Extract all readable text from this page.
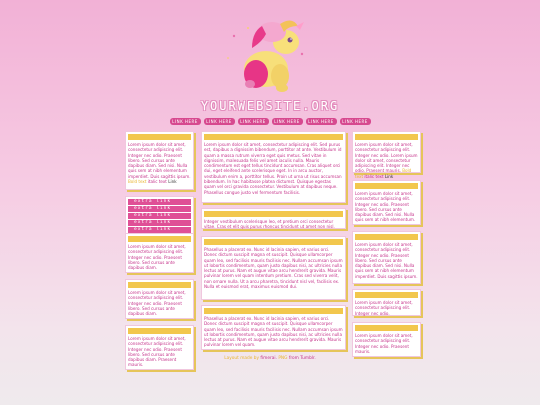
YOURWEBSITE.ORG
LINK HERE	LINK HERE	LINK HERE	LINK HERE	LINK HERE	LINK HERE
Lorem ipsum dolor sit amet, consectetur adipiscing elit. Integer nec odio. Praesent libero. Sed cursus ante dapibus diam. Sed nisi. Nulla quis sem at nibh elementum imperdiet. Duis sagittis ipsum. Bold text italic text Link
extra link
extra link
extra link
extra link
extra link
Lorem ipsum dolor sit amet, consectetur adipiscing elit. Integer nec odio. Praesent libero. Sed cursus ante dapibus diam.
Lorem ipsum dolor sit amet, consectetur adipiscing elit. Integer nec odio. Praesent libero. Sed cursus ante dapibus diam.
Lorem ipsum dolor sit amet, consectetur adipiscing elit. Integer nec odio. Praesent libero. Sed cursus ante dapibus diam. Praesent mauris.
Lorem ipsum dolor sit amet, consectetur adipiscing elit. Sed purus est, dapibus a dignissim bibendum, porttitor at ante. Vestibulum id quam a massa rutrum viverra eget quis metus. Sed vitae in dignissim, malesuada felis vel amet iaculis nulla. Mauris condimentum est eget tellus tincidunt accumsan. Cras aliquet orci dui, eget eleifend ante scelerisque eget. In in arcu auctor, vestibulum enim a, porttitor tellus. Proin ut urna ut risus accumsan bibendum. In hac habitasse platea dictumst. Quisque egestas quam vel orci gravida consectetur. Vestibulum at dapibus neque. Phasellus congue justo vel fermentum facilisis.
Integer vestibulum scelerisque leo, et pretium orci consectetur vitae. Cras et elit quis purus rhoncus tincidunt ut amet non nisl.
Phasellus a placerat ex. Nunc id lacinia sapien, et varius orci. Donec dictum suscipit magna et suscipit. Quisque ullamcorper quam leo, sed facilisis mauris facilisis nec. Nullam accumsan ipsum ut lobortis condimentum, quam justo dapibus nisi, ac ultricies nulla lectus at purus. Nam et augue vitae arcu hendrerit gravida. Mauris pulvinar lorem vel quam interdum pretium. Cras sed viverra velit, non ornare nulla. Ut a arcu pharetra, tincidunt nisl vel, facilisis ex. Nulla et euismod erat, maximus euismod dui.
Phasellus a placerat ex. Nunc id lacinia sapien, et varius orci. Donec dictum suscipit magna et suscipit. Quisque ullamcorper quam leo, sed facilisis mauris facilisis nec. Nullam accumsan ipsum ut lobortis condimentum, quam justo dapibus nisi, ac ultricies nulla lectus at purus. Nam et augue vitae arcu hendrerit gravida. Mauris pulvinar lorem vel quam.
Lorem ipsum dolor sit amet, consectetur adipiscing elit. Integer nec odio. Lorem ipsum dolor sit amet, consectetur adipiscing elit. Integer nec odio. Praesent mauris. Bold text italic text Link
Lorem ipsum dolor sit amet, consectetur adipiscing elit. Integer nec odio. Praesent libero. Sed cursus ante dapibus diam. Sed nisi. Nulla quis sem at nibh elementum.
Lorem ipsum dolor sit amet, consectetur adipiscing elit. Integer nec odio. Praesent libero. Sed cursus ante dapibus diam. Sed nisi. Nulla quis sem at nibh elementum imperdiet. Duis sagittis ipsum.
Lorem ipsum dolor sit amet, consectetur adipiscing elit. Integer nec odio.
Lorem ipsum dolor sit amet, consectetur adipiscing elit. Integer nec odio. Praesent mauris.
Layout made by fimerai. PNG from Tumblr.
